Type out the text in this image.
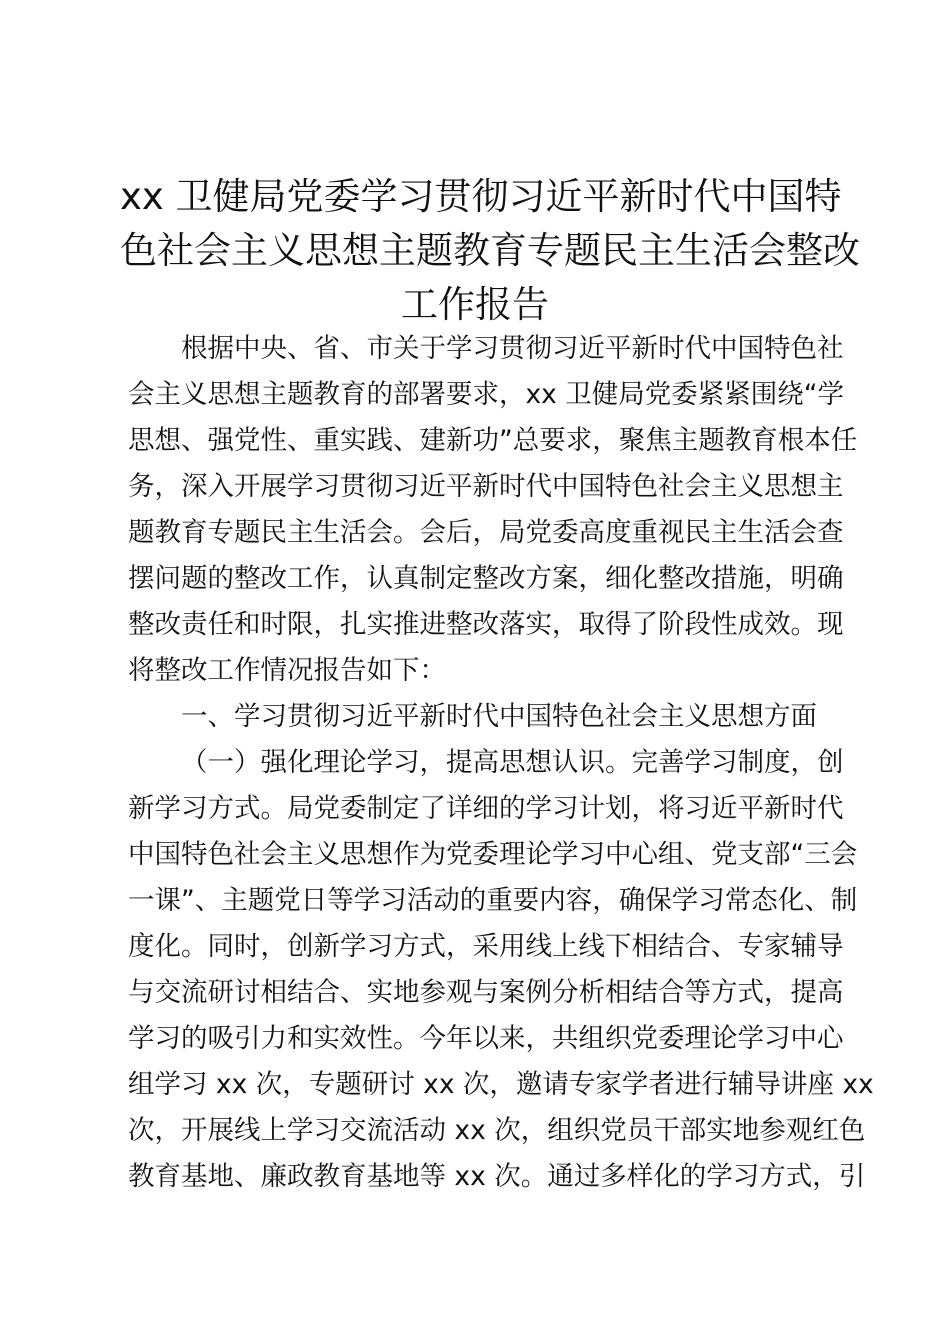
xx 卫健局党委学习贯彻习近平新时代中国特
色社会主义思想主题教育专题民主生活会整改
工作报告
根据中央、省、市关于学习贯彻习近平新时代中国特色社
会主义思想主题教育的部署要求，xx 卫健局党委紧紧围绕“学
思想、强党性、重实践、建新功”总要求，聚焦主题教育根本任
务，深入开展学习贯彻习近平新时代中国特色社会主义思想主
题教育专题民主生活会。会后，局党委高度重视民主生活会查
摆问题的整改工作，认真制定整改方案，细化整改措施，明确
整改责任和时限，扎实推进整改落实，取得了阶段性成效。现
将整改工作情况报告如下：
一、学习贯彻习近平新时代中国特色社会主义思想方面
（一）强化理论学习，提高思想认识。完善学习制度，创
新学习方式。局党委制定了详细的学习计划，将习近平新时代
中国特色社会主义思想作为党委理论学习中心组、党支部“三会
一课”、主题党日等学习活动的重要内容，确保学习常态化、制
度化。同时，创新学习方式，采用线上线下相结合、专家辅导
与交流研讨相结合、实地参观与案例分析相结合等方式，提高
学习的吸引力和实效性。今年以来，共组织党委理论学习中心
组学习 xx 次，专题研讨 xx 次，邀请专家学者进行辅导讲座 xx
次，开展线上学习交流活动 xx 次，组织党员干部实地参观红色
教育基地、廉政教育基地等 xx 次。通过多样化的学习方式，引
